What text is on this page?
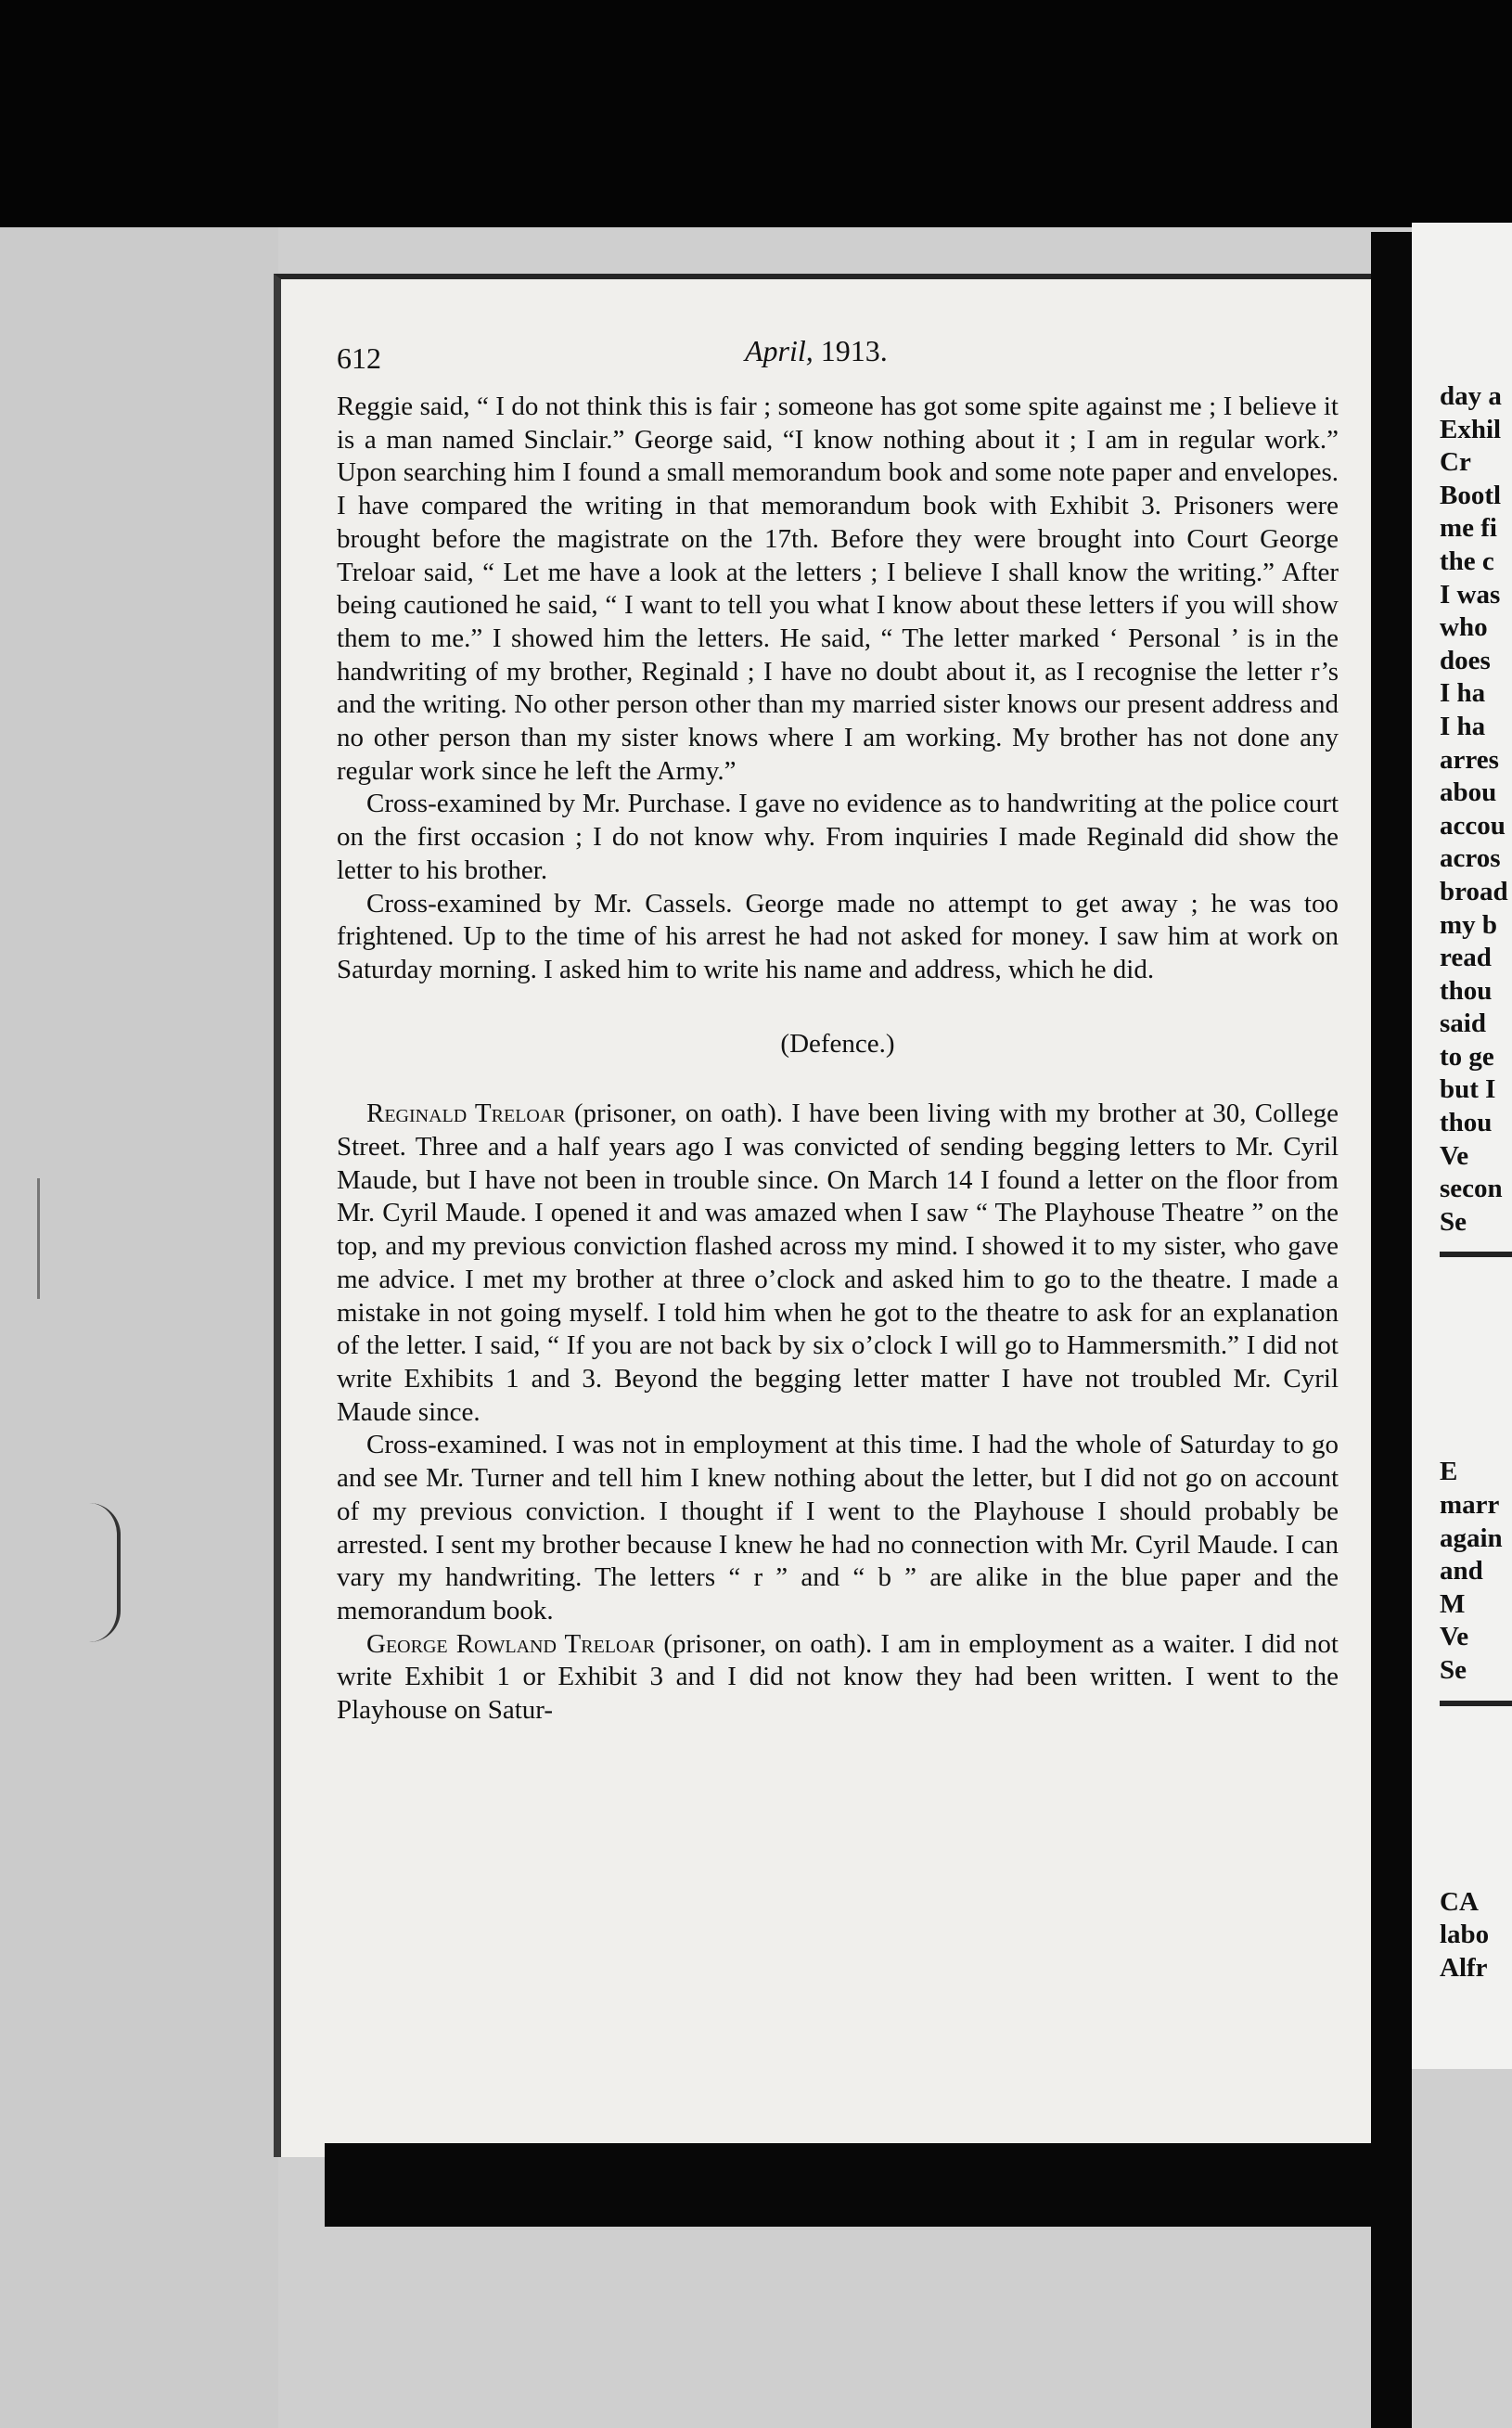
612	April, 1913.

Reggie said, “ I do not think this is fair ; someone has got some spite against me ; I believe it is a man named Sinclair.” George said, “I know nothing about it ; I am in regular work.” Upon searching him I found a small memorandum book and some note paper and envelopes. I have compared the writing in that memorandum book with Exhibit 3. Prisoners were brought before the magistrate on the 17th. Before they were brought into Court George Treloar said, “ Let me have a look at the letters ; I believe I shall know the writing.” After being cautioned he said, “ I want to tell you what I know about these letters if you will show them to me.” I showed him the letters. He said, “ The letter marked ‘ Personal ’ is in the handwriting of my brother, Reginald ; I have no doubt about it, as I recognise the letter r’s and the writing. No other person other than my married sister knows our present address and no other person than my sister knows where I am working. My brother has not done any regular work since he left the Army.”

Cross-examined by Mr. Purchase. I gave no evidence as to handwriting at the police court on the first occasion ; I do not know why. From inquiries I made Reginald did show the letter to his brother.

Cross-examined by Mr. Cassels. George made no attempt to get away ; he was too frightened. Up to the time of his arrest he had not asked for money. I saw him at work on Saturday morning. I asked him to write his name and address, which he did.

(Defence.)

Reginald Treloar (prisoner, on oath). I have been living with my brother at 30, College Street. Three and a half years ago I was convicted of sending begging letters to Mr. Cyril Maude, but I have not been in trouble since. On March 14 I found a letter on the floor from Mr. Cyril Maude. I opened it and was amazed when I saw “ The Playhouse Theatre ” on the top, and my previous conviction flashed across my mind. I showed it to my sister, who gave me advice. I met my brother at three o’clock and asked him to go to the theatre. I made a mistake in not going myself. I told him when he got to the theatre to ask for an explanation of the letter. I said, “ If you are not back by six o’clock I will go to Hammersmith.” I did not write Exhibits 1 and 3. Beyond the begging letter matter I have not troubled Mr. Cyril Maude since.

Cross-examined. I was not in employment at this time. I had the whole of Saturday to go and see Mr. Turner and tell him I knew nothing about the letter, but I did not go on account of my previous conviction. I thought if I went to the Playhouse I should probably be arrested. I sent my brother because I knew he had no connection with Mr. Cyril Maude. I can vary my handwriting. The letters “ r ” and “ b ” are alike in the blue paper and the memorandum book.

George Rowland Treloar (prisoner, on oath). I am in employment as a waiter. I did not write Exhibit 1 or Exhibit 3 and I did not know they had been written. I went to the Playhouse on Satur-

day a
Exhil
Cr
Bootl
me fi
the c
I was
who
does
I ha
I ha
arres
abou
accou
acros
broad
my b
read
thou
said
to ge
but I
thou
Ve
secon
Se
E
marr
again
and
M
Ve
Se
CA
labo
Alfr
